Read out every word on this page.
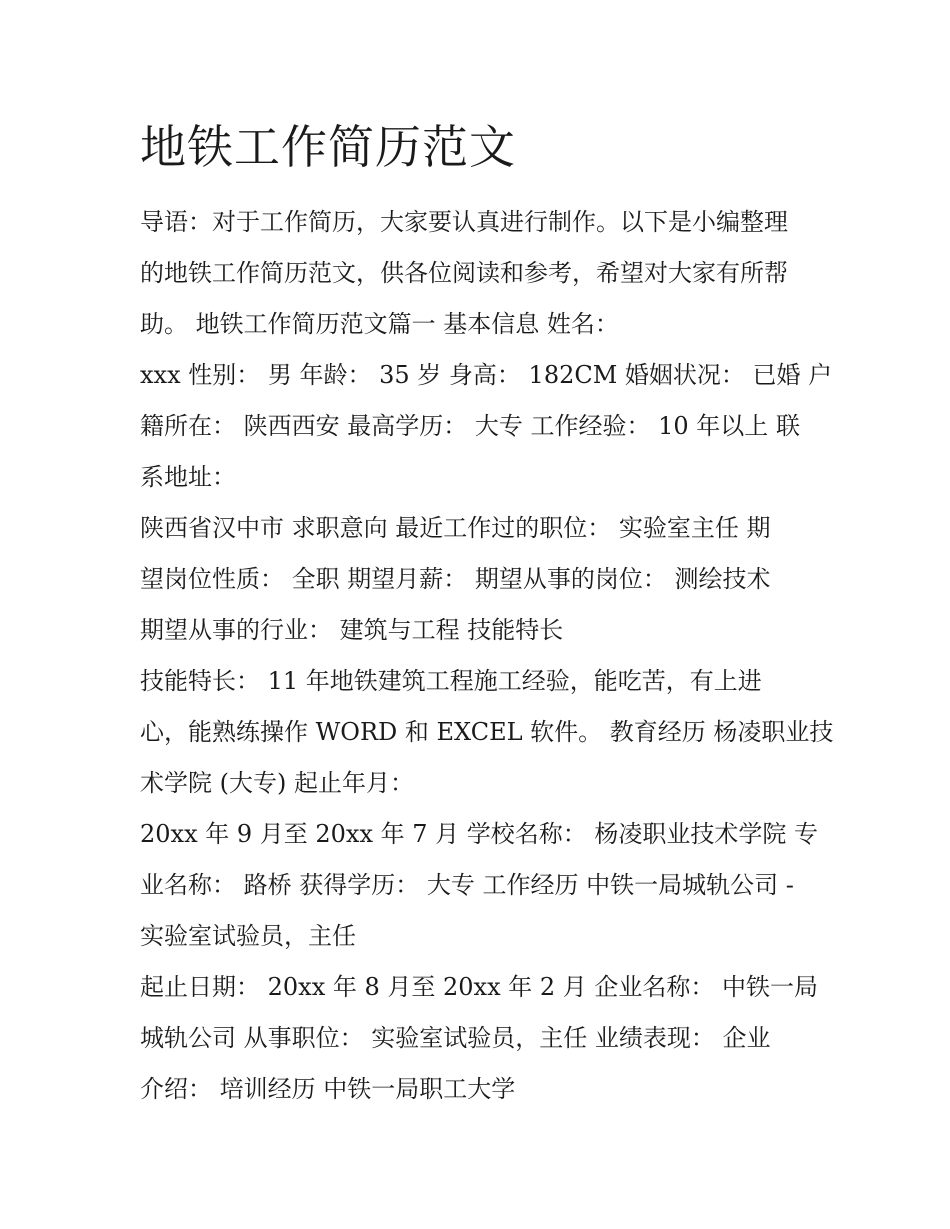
地铁工作简历范文

导语：对于工作简历，大家要认真进行制作。以下是小编整理
的地铁工作简历范文，供各位阅读和参考，希望对大家有所帮
助。 地铁工作简历范文篇一 基本信息 姓名：

xxx 性别： 男 年龄： 35 岁 身高： 182CM 婚姻状况： 已婚 户
籍所在： 陕西西安 最高学历： 大专 工作经验： 10 年以上 联
系地址：

陕西省汉中市 求职意向 最近工作过的职位： 实验室主任 期
望岗位性质： 全职 期望月薪： 期望从事的岗位： 测绘技术
期望从事的行业： 建筑与工程 技能特长

技能特长： 11 年地铁建筑工程施工经验，能吃苦，有上进
心，能熟练操作 WORD 和 EXCEL 软件。 教育经历 杨凌职业技
术学院 (大专) 起止年月：

20xx 年 9 月至 20xx 年 7 月 学校名称： 杨凌职业技术学院 专
业名称： 路桥 获得学历： 大专 工作经历 中铁一局城轨公司 -
实验室试验员，主任

起止日期： 20xx 年 8 月至 20xx 年 2 月 企业名称： 中铁一局
城轨公司 从事职位： 实验室试验员，主任 业绩表现： 企业
介绍： 培训经历 中铁一局职工大学
